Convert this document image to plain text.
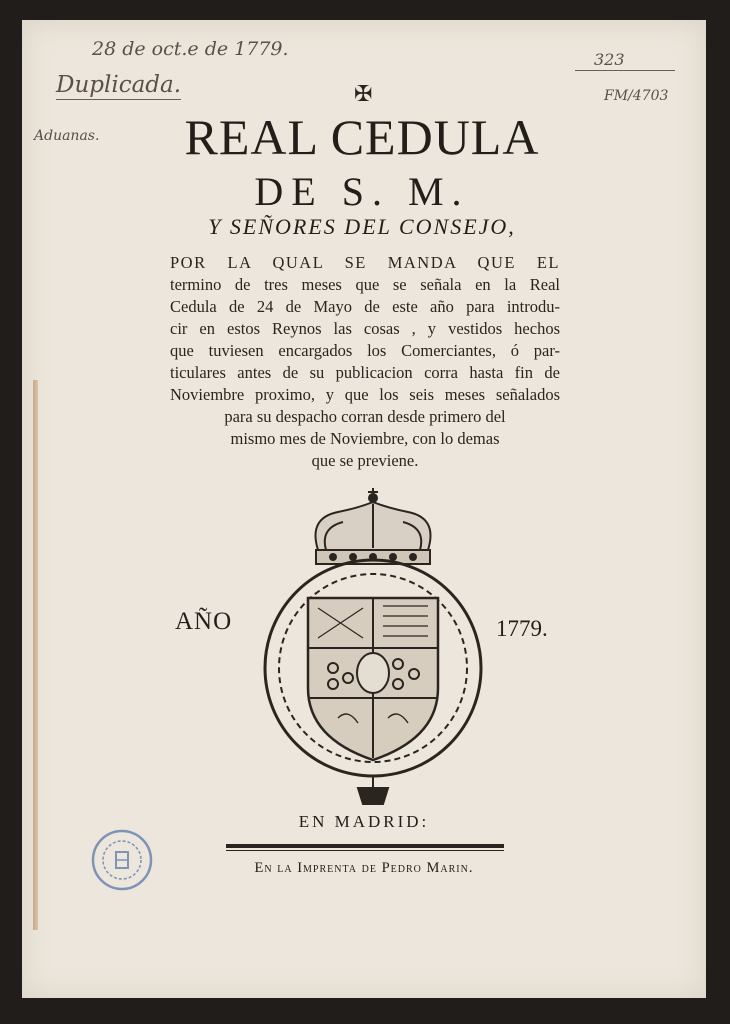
28 de oct.e de 1779.
Duplicada.
Aduanas.
323
FM/4703
✠
REAL CEDULA
DE S. M.
Y SEÑORES DEL CONSEJO,
POR LA QUAL SE MANDA QUE EL
termino de tres meses que se señala en la Real
Cedula de 24 de Mayo de este año para introdu-
cir en estos Reynos las cosas , y vestidos hechos
que tuviesen encargados los Comerciantes, ó par-
ticulares antes de su publicacion corra hasta fin de
Noviembre proximo, y que los seis meses señalados
para su despacho corran desde primero del
mismo mes de Noviembre, con lo demas
que se previene.
AÑO	1779.
EN MADRID:
En la Imprenta de Pedro Marin.
